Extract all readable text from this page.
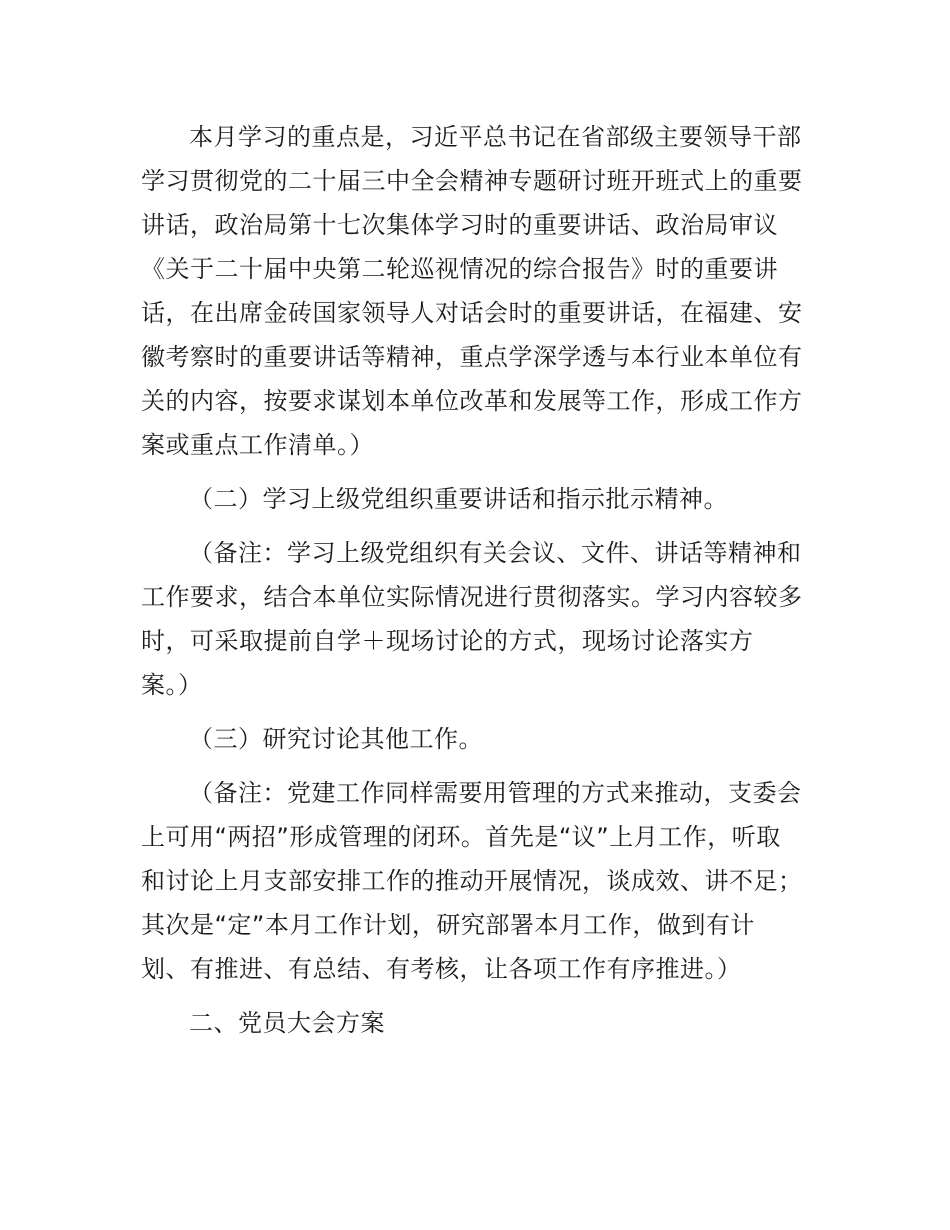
本月学习的重点是，习近平总书记在省部级主要领导干部
学习贯彻党的二十届三中全会精神专题研讨班开班式上的重要
讲话，政治局第十七次集体学习时的重要讲话、政治局审议
《关于二十届中央第二轮巡视情况的综合报告》时的重要讲
话，在出席金砖国家领导人对话会时的重要讲话，在福建、安
徽考察时的重要讲话等精神，重点学深学透与本行业本单位有
关的内容，按要求谋划本单位改革和发展等工作，形成工作方
案或重点工作清单。）
（二）学习上级党组织重要讲话和指示批示精神。
（备注：学习上级党组织有关会议、文件、讲话等精神和
工作要求，结合本单位实际情况进行贯彻落实。学习内容较多
时，可采取提前自学＋现场讨论的方式，现场讨论落实方
案。）
（三）研究讨论其他工作。
（备注：党建工作同样需要用管理的方式来推动，支委会
上可用“两招”形成管理的闭环。首先是“议”上月工作，听取
和讨论上月支部安排工作的推动开展情况，谈成效、讲不足；
其次是“定”本月工作计划，研究部署本月工作，做到有计
划、有推进、有总结、有考核，让各项工作有序推进。）
二、党员大会方案
